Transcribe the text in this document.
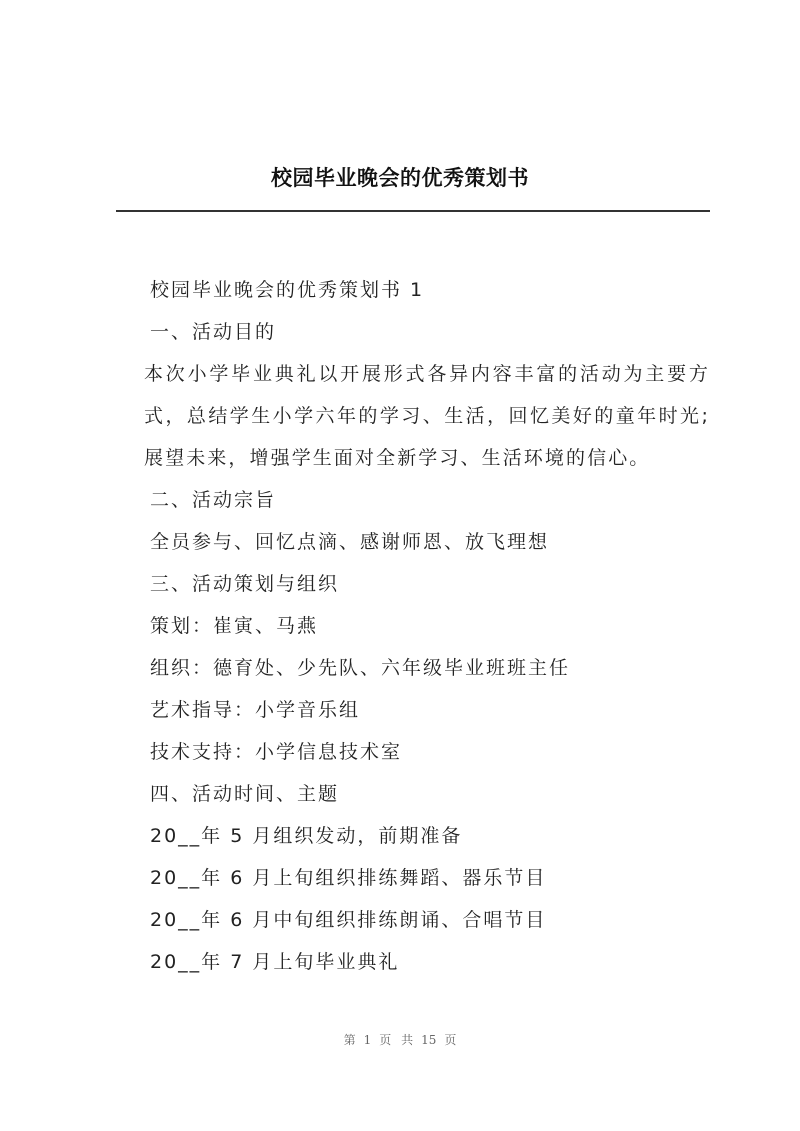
校园毕业晚会的优秀策划书

校园毕业晚会的优秀策划书 1

一、活动目的

本次小学毕业典礼以开展形式各异内容丰富的活动为主要方式，总结学生小学六年的学习、生活，回忆美好的童年时光;展望未来，增强学生面对全新学习、生活环境的信心。

二、活动宗旨

全员参与、回忆点滴、感谢师恩、放飞理想

三、活动策划与组织

策划：崔寅、马燕

组织：德育处、少先队、六年级毕业班班主任

艺术指导：小学音乐组

技术支持：小学信息技术室

四、活动时间、主题

20__年 5 月组织发动，前期准备

20__年 6 月上旬组织排练舞蹈、器乐节目

20__年 6 月中旬组织排练朗诵、合唱节目

20__年 7 月上旬毕业典礼

第 1 页 共 15 页
